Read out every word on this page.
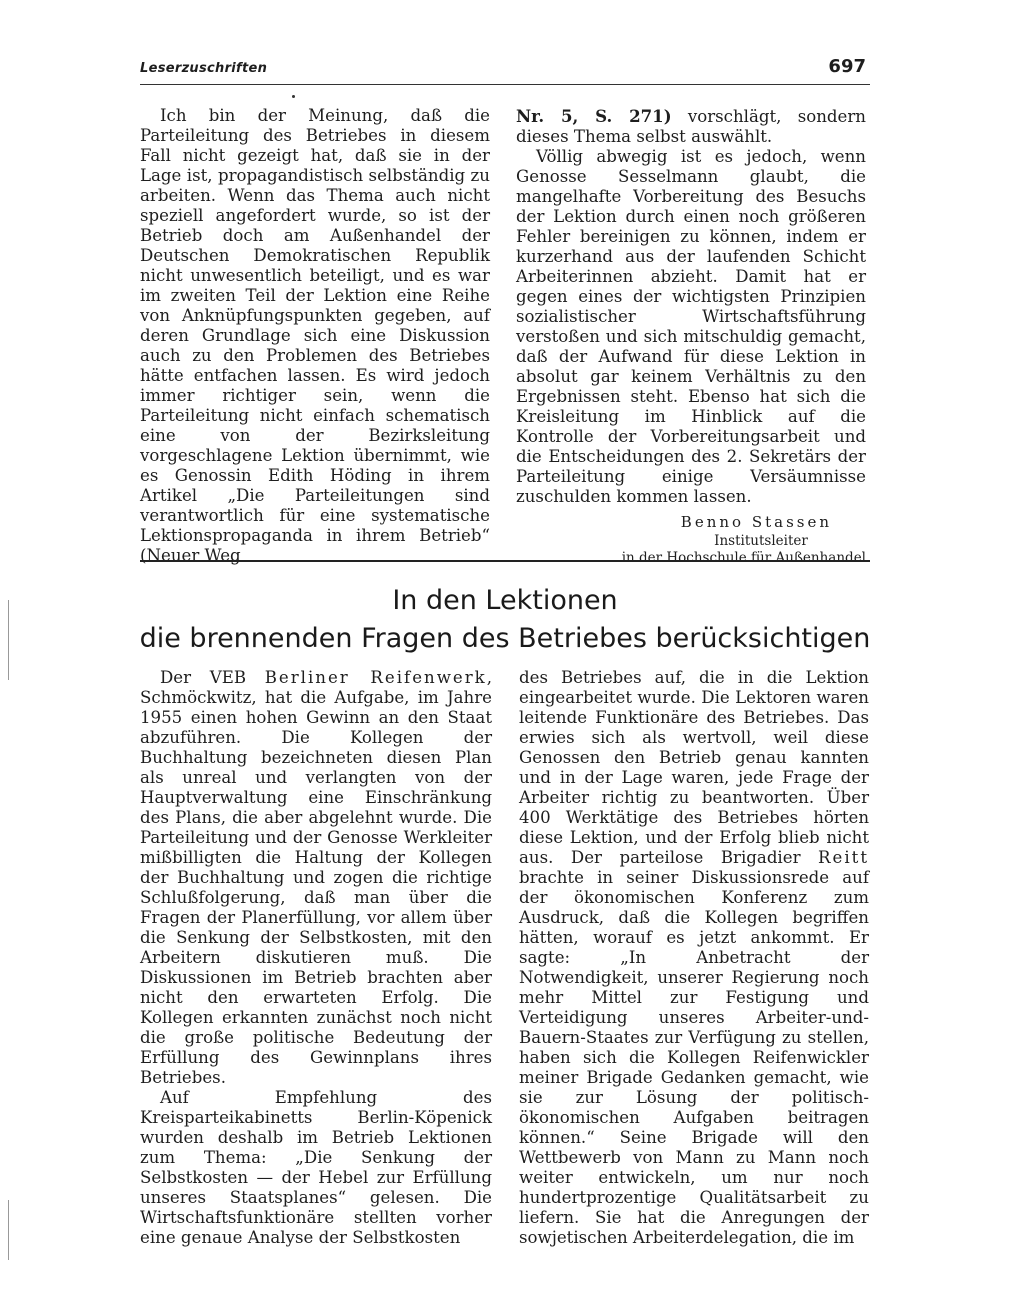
Leserzuschriften	697

Ich bin der Meinung, daß die Parteileitung des Betriebes in diesem Fall nicht gezeigt hat, daß sie in der Lage ist, propagandistisch selbständig zu arbeiten. Wenn das Thema auch nicht speziell angefordert wurde, so ist der Betrieb doch am Außenhandel der Deutschen Demokratischen Republik nicht unwesentlich beteiligt, und es war im zweiten Teil der Lektion eine Reihe von Anknüpfungspunkten gegeben, auf deren Grundlage sich eine Diskussion auch zu den Problemen des Betriebes hätte entfachen lassen. Es wird jedoch immer richtiger sein, wenn die Parteileitung nicht einfach schematisch eine von der Bezirksleitung vorgeschlagene Lektion übernimmt, wie es Genossin Edith Höding in ihrem Artikel „Die Parteileitungen sind verantwortlich für eine systematische Lektionspropaganda in ihrem Betrieb“ (Neuer Weg

Nr. 5, S. 271) vorschlägt, sondern dieses Thema selbst auswählt.

Völlig abwegig ist es jedoch, wenn Genosse Sesselmann glaubt, die mangelhafte Vorbereitung des Besuchs der Lektion durch einen noch größeren Fehler bereinigen zu können, indem er kurzerhand aus der laufenden Schicht Arbeiterinnen abzieht. Damit hat er gegen eines der wichtigsten Prinzipien sozialistischer Wirtschaftsführung verstoßen und sich mitschuldig gemacht, daß der Aufwand für diese Lektion in absolut gar keinem Verhältnis zu den Ergebnissen steht. Ebenso hat sich die Kreisleitung im Hinblick auf die Kontrolle der Vorbereitungsarbeit und die Entscheidungen des 2. Sekretärs der Parteileitung einige Versäumnisse zuschulden kommen lassen.

Benno Stassen
Institutsleiter
in der Hochschule für Außenhandel
In den Lektionen
die brennenden Fragen des Betriebes berücksichtigen

Der VEB Berliner Reifenwerk, Schmöckwitz, hat die Aufgabe, im Jahre 1955 einen hohen Gewinn an den Staat abzuführen. Die Kollegen der Buchhaltung bezeichneten diesen Plan als unreal und verlangten von der Hauptverwaltung eine Einschränkung des Plans, die aber abgelehnt wurde. Die Parteileitung und der Genosse Werkleiter mißbilligten die Haltung der Kollegen der Buchhaltung und zogen die richtige Schlußfolgerung, daß man über die Fragen der Planerfüllung, vor allem über die Senkung der Selbstkosten, mit den Arbeitern diskutieren muß. Die Diskussionen im Betrieb brachten aber nicht den erwarteten Erfolg. Die Kollegen erkannten zunächst noch nicht die große politische Bedeutung der Erfüllung des Gewinnplans ihres Betriebes.

Auf Empfehlung des Kreisparteikabinetts Berlin-Köpenick wurden deshalb im Betrieb Lektionen zum Thema: „Die Senkung der Selbstkosten — der Hebel zur Erfüllung unseres Staatsplanes“ gelesen. Die Wirtschaftsfunktionäre stellten vorher eine genaue Analyse der Selbstkosten

des Betriebes auf, die in die Lektion eingearbeitet wurde. Die Lektoren waren leitende Funktionäre des Betriebes. Das erwies sich als wertvoll, weil diese Genossen den Betrieb genau kannten und in der Lage waren, jede Frage der Arbeiter richtig zu beantworten. Über 400 Werktätige des Betriebes hörten diese Lektion, und der Erfolg blieb nicht aus. Der parteilose Brigadier Reitt brachte in seiner Diskussionsrede auf der ökonomischen Konferenz zum Ausdruck, daß die Kollegen begriffen hätten, worauf es jetzt ankommt. Er sagte: „In Anbetracht der Notwendigkeit, unserer Regierung noch mehr Mittel zur Festigung und Verteidigung unseres Arbeiter-und-Bauern-Staates zur Verfügung zu stellen, haben sich die Kollegen Reifenwickler meiner Brigade Gedanken gemacht, wie sie zur Lösung der politisch-ökonomischen Aufgaben beitragen können.“ Seine Brigade will den Wettbewerb von Mann zu Mann noch weiter entwickeln, um nur noch hundertprozentige Qualitätsarbeit zu liefern. Sie hat die Anregungen der sowjetischen Arbeiterdelegation, die im
